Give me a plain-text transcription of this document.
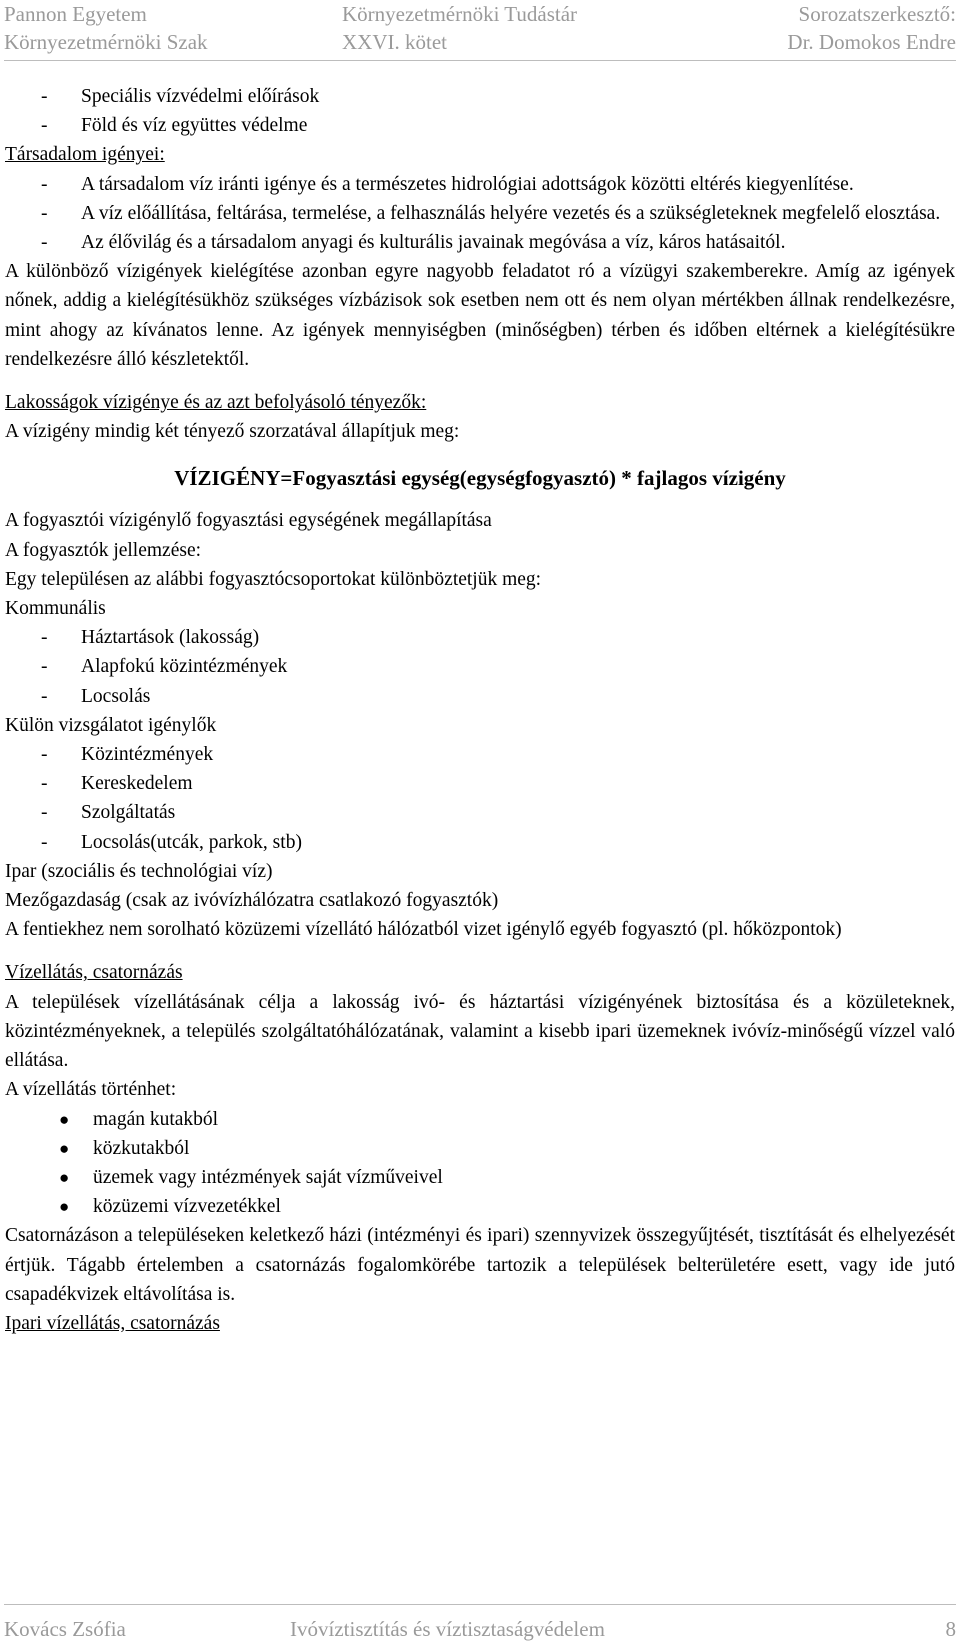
Pannon Egyetem
Környezetmérnöki Szak
Környezetmérnöki Tudástár
XXVI. kötet
Sorozatszerkesztő:
Dr. Domokos Endre
- Speciális vízvédelmi előírások
- Föld és víz együttes védelme
Társadalom igényei:
- A társadalom víz iránti igénye és a természetes hidrológiai adottságok közötti eltérés kiegyenlítése.
- A víz előállítása, feltárása, termelése, a felhasználás helyére vezetés és a szükségleteknek megfelelő elosztása.
- Az élővilág és a társadalom anyagi és kulturális javainak megóvása a víz, káros hatásaitól.
A különböző vízigények kielégítése azonban egyre nagyobb feladatot ró a vízügyi szakemberekre. Amíg az igények nőnek, addig a kielégítésükhöz szükséges vízbázisok sok esetben nem ott és nem olyan mértékben állnak rendelkezésre, mint ahogy az kívánatos lenne. Az igények mennyiségben (minőségben) térben és időben eltérnek a kielégítésükre rendelkezésre álló készletektől.
Lakosságok vízigénye és az azt befolyásoló tényezők:
A vízigény mindig két tényező szorzatával állapítjuk meg:
VÍZIGÉNY=Fogyasztási egység(egységfogyasztó) * fajlagos vízigény
A fogyasztói vízigénylő fogyasztási egységének megállapítása
A fogyasztók jellemzése:
Egy településen az alábbi fogyasztócsoportokat különböztetjük meg:
Kommunális
- Háztartások (lakosság)
- Alapfokú közintézmények
- Locsolás
Külön vizsgálatot igénylők
- Közintézmények
- Kereskedelem
- Szolgáltatás
- Locsolás(utcák, parkok, stb)
Ipar (szociális és technológiai víz)
Mezőgazdaság (csak az ivóvízhálózatra csatlakozó fogyasztók)
A fentiekhez nem sorolható közüzemi vízellátó hálózatból vizet igénylő egyéb fogyasztó (pl. hőközpontok)
Vízellátás, csatornázás
A települések vízellátásának célja a lakosság ivó- és háztartási vízigényének biztosítása és a közületeknek, közintézményeknek, a település szolgáltatóhálózatának, valamint a kisebb ipari üzemeknek ivóvíz-minőségű vízzel való ellátása.
A vízellátás történhet:
● magán kutakból
● közkutakból
● üzemek vagy intézmények saját vízműveivel
● közüzemi vízvezetékkel
Csatornázáson a településeken keletkező házi (intézményi és ipari) szennyvizek összegyűjtését, tisztítását és elhelyezését értjük. Tágabb értelemben a csatornázás fogalomkörébe tartozik a települések belterületére esett, vagy ide jutó csapadékvizek eltávolítása is.
Ipari vízellátás, csatornázás
Kovács Zsófia	Ivóvíztisztítás és víztisztaságvédelem	8
